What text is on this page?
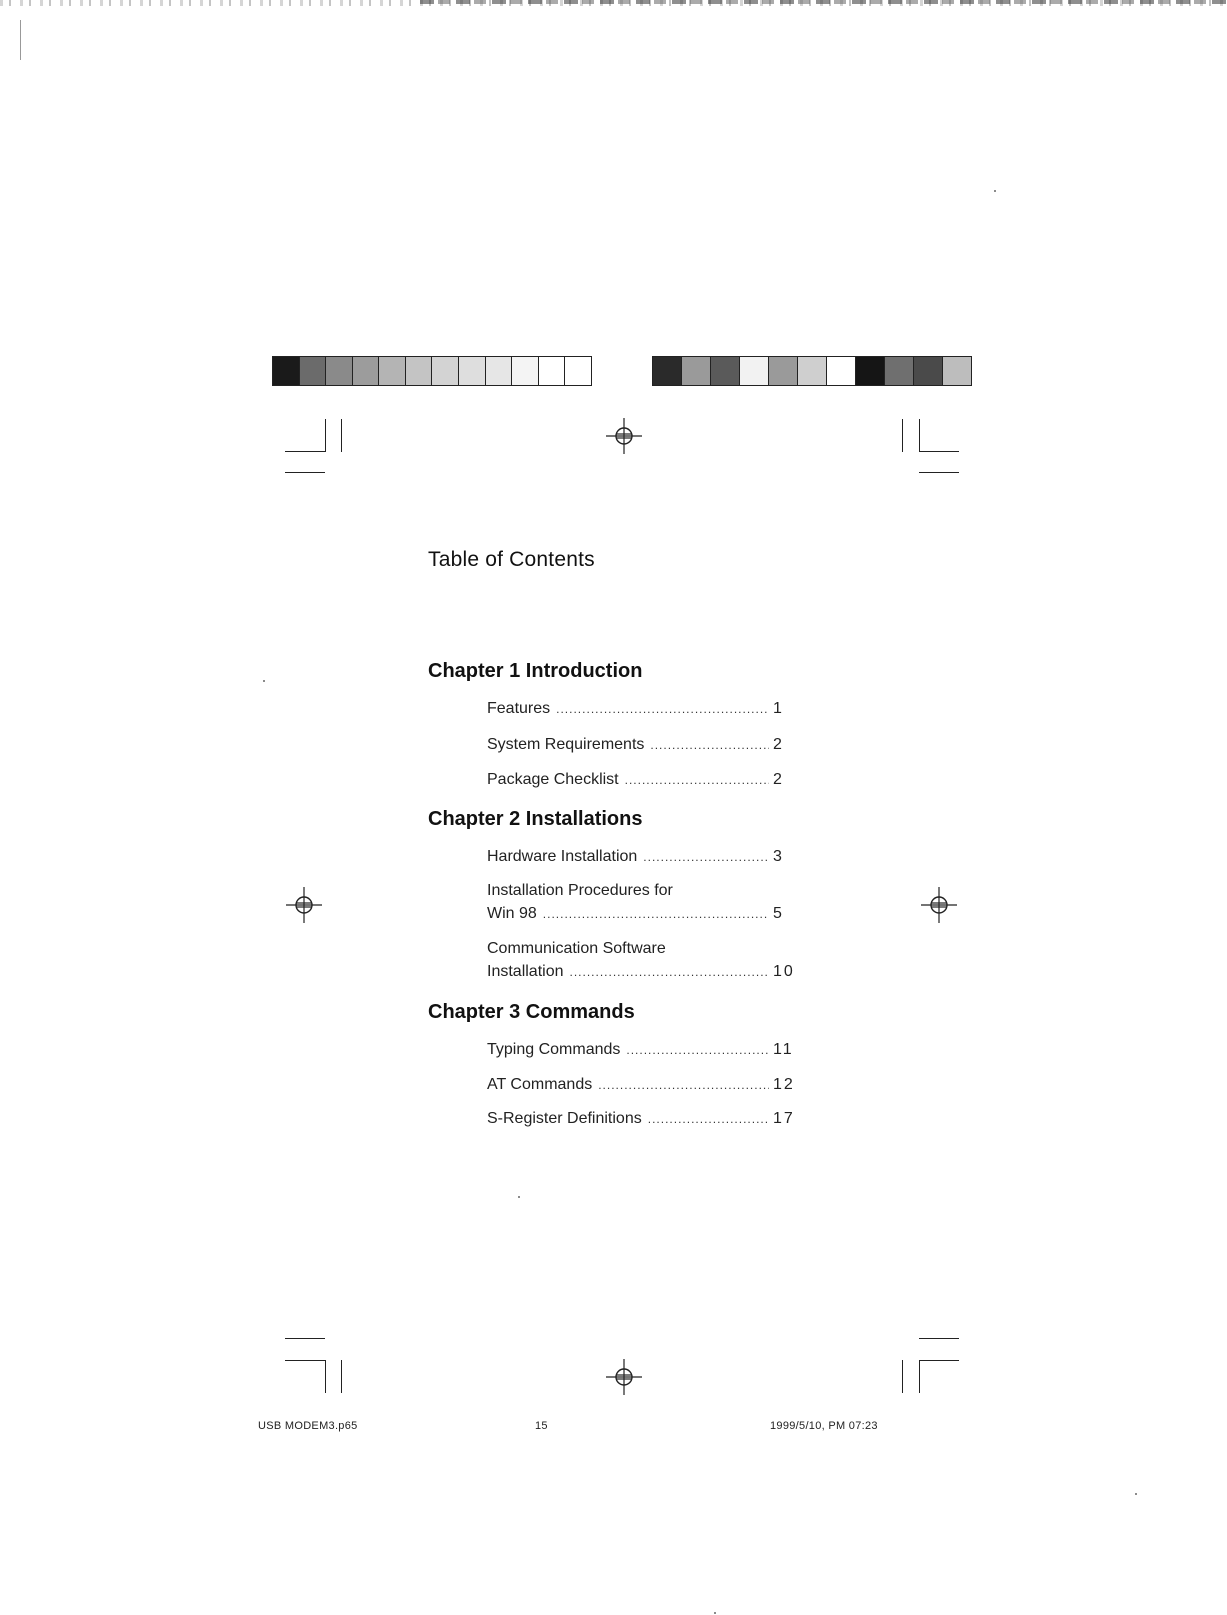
Table of Contents
Chapter 1 Introduction
Features .....	1
System Requirements .....	2
Package Checklist .....	2
Chapter 2 Installations
Hardware Installation .....	3
Installation Procedures for
Win 98 .....	5
Communication Software
Installation .....	10
Chapter 3 Commands
Typing Commands .....	11
AT Commands .....	12
S-Register Definitions .....	17
USB MODEM3.p65	15	1999/5/10, PM 07:23
